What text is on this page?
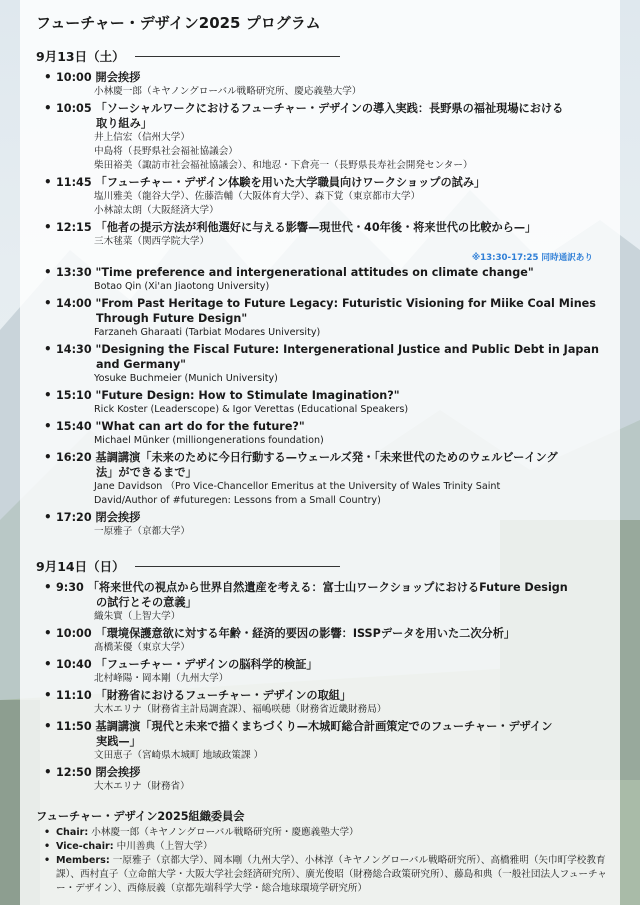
フューチャー・デザイン2025 プログラム
9月13日（土）
• 10:00 開会挨拶
小林慶一郎（キヤノングローバル戦略研究所、慶応義塾大学）
• 10:05 「ソーシャルワークにおけるフューチャー・デザインの導入実践：長野県の福祉現場における
取り組み」
井上信宏（信州大学）
中島将（長野県社会福祉協議会）
柴田裕美（諏訪市社会福祉協議会）、和地忍・下倉亮一（長野県長寿社会開発センター）
• 11:45 「フューチャー・デザイン体験を用いた大学職員向けワークショップの試み」
塩川雅美（龍谷大学）、佐藤浩輔（大阪体育大学）、森下覚（東京都市大学）
小林諒太朗（大阪経済大学）
• 12:15 「他者の提示方法が利他選好に与える影響—現世代・40年後・将来世代の比較から—」
三木毬菜（関西学院大学）
※13:30-17:25 同時通訳あり
• 13:30 "Time preference and intergenerational attitudes on climate change"
Botao Qin (Xi'an Jiaotong University)
• 14:00 "From Past Heritage to Future Legacy: Futuristic Visioning for Miike Coal Mines
Through Future Design"
Farzaneh Gharaati (Tarbiat Modares University)
• 14:30 "Designing the Fiscal Future: Intergenerational Justice and Public Debt in Japan
and Germany"
Yosuke Buchmeier (Munich University)
• 15:10 "Future Design: How to Stimulate Imagination?"
Rick Koster (Leaderscope) & Igor Verettas (Educational Speakers)
• 15:40 "What can art do for the future?"
Michael Münker (milliongenerations foundation)
• 16:20 基調講演「未来のために今日行動する—ウェールズ発・「未来世代のためのウェルビーイング
法」ができるまで」
Jane Davidson （Pro Vice-Chancellor Emeritus at the University of Wales Trinity Saint
David/Author of #futuregen: Lessons from a Small Country)
• 17:20 閉会挨拶
一原雅子（京都大学）
9月14日（日）
• 9:30 「将来世代の視点から世界自然遺産を考える：富士山ワークショップにおけるFuture Design
の試行とその意義」
織朱實（上智大学）
• 10:00 「環境保護意欲に対する年齢・経済的要因の影響：ISSPデータを用いた二次分析」
髙橋茉優（東京大学）
• 10:40 「フューチャー・デザインの脳科学的検証」
北村峰陽・岡本剛（九州大学）
• 11:10 「財務省におけるフューチャー・デザインの取組」
大木エリナ（財務省主計局調査課）、福嶋咲穂（財務省近畿財務局）
• 11:50 基調講演「現代と未来で描くまちづくり—木城町総合計画策定でのフューチャー・デザイン
実践—」
文田恵子（宮崎県木城町 地域政策課 ）
• 12:50 閉会挨拶
大木エリナ（財務省）
フューチャー・デザイン2025組織委員会
• Chair: 小林慶一郎（キヤノングローバル戦略研究所・慶應義塾大学）
• Vice-chair: 中川善典（上智大学）
• Members: 一原雅子（京都大学）、岡本剛（九州大学）、小林淳（キヤノングローバル戦略研究所）、高橋雅明（矢巾町学校教育課）、西村直子（立命館大学・大阪大学社会経済研究所）、廣光俊昭（財務総合政策研究所）、藤島和典（一般社団法人フューチャー・デザイン）、西條辰義（京都先端科学大学・総合地球環境学研究所）
